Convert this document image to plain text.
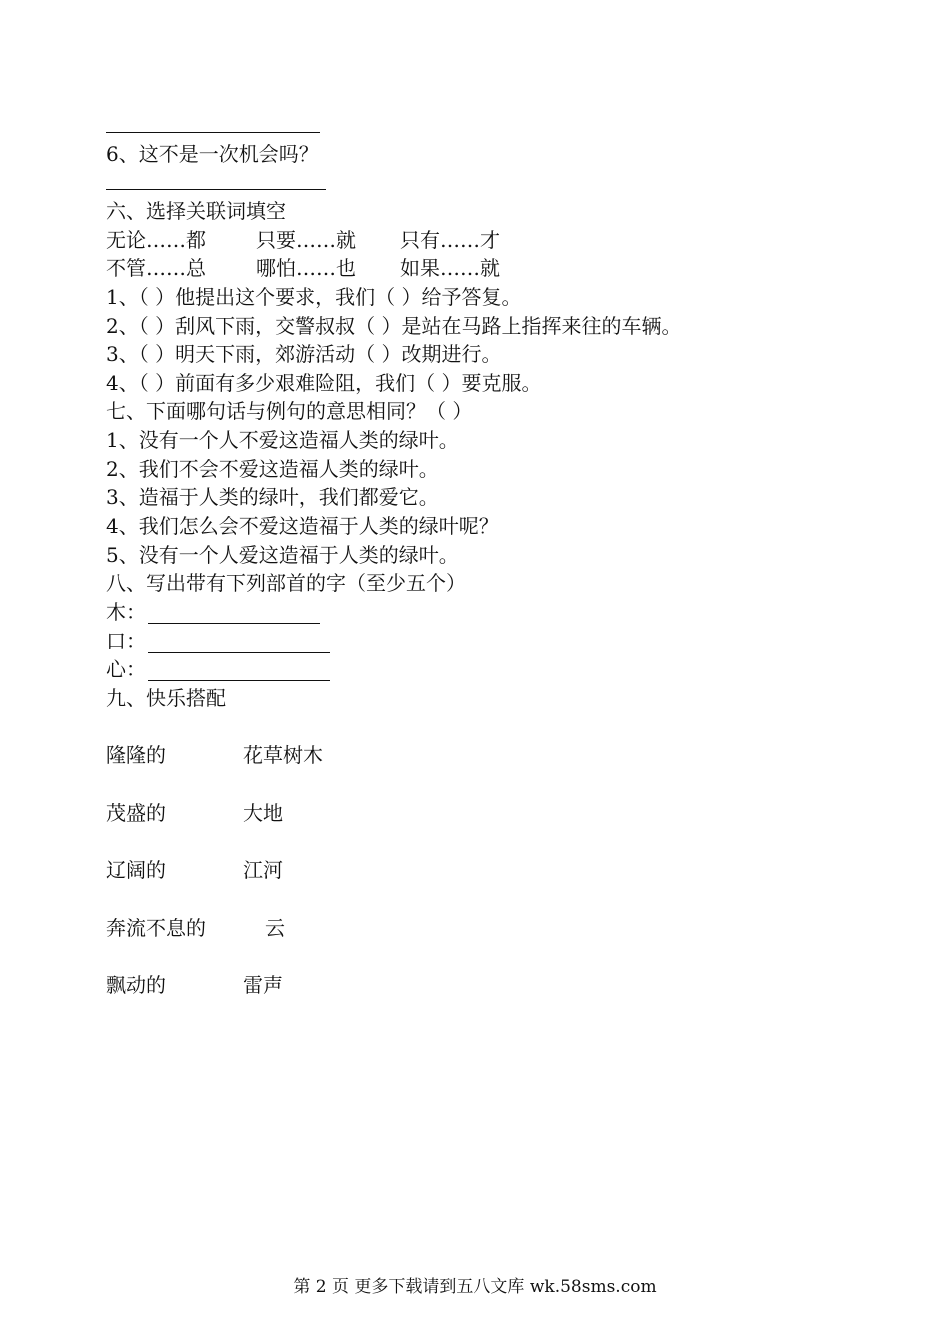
6、这不是一次机会吗？
六、选择关联词填空
无论……都	只要……就 只有……才
不管……总	哪怕……也 如果……就
1、（ ）他提出这个要求，我们（ ）给予答复。
2、（ ）刮风下雨，交警叔叔（ ）是站在马路上指挥来往的车辆。
3、（ ）明天下雨，郊游活动（ ）改期进行。
4、（ ）前面有多少艰难险阻，我们（ ）要克服。
七、下面哪句话与例句的意思相同？（ ）
1、没有一个人不爱这造福人类的绿叶。
2、我们不会不爱这造福人类的绿叶。
3、造福于人类的绿叶，我们都爱它。
4、我们怎么会不爱这造福于人类的绿叶呢？
5、没有一个人爱这造福于人类的绿叶。
八、写出带有下列部首的字（至少五个）
木：
口：
心：
九、快乐搭配
隆隆的	花草树木
茂盛的	大地
辽阔的	江河
奔流不息的	云
飘动的	雷声
第 2 页 更多下载请到五八文库 wk.58sms.com
